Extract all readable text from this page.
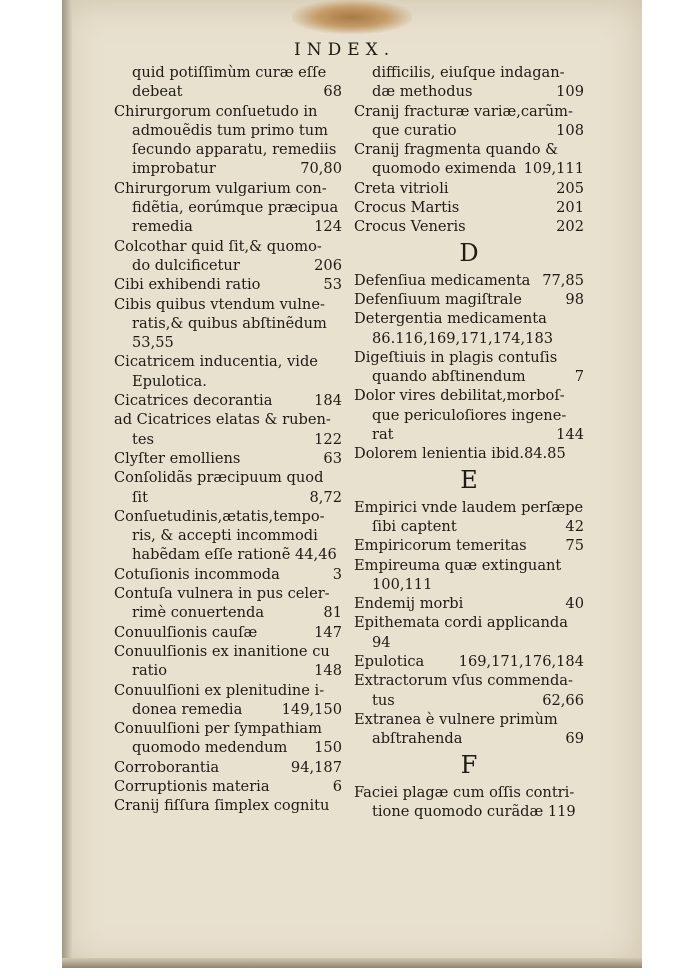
INDEX.
quid potiſſimùm curæ eſſe
debeat	68
Chirurgorum conſuetudo in
admouẽdis tum primo tum
ſecundo apparatu, remediis
improbatur	70,80
Chirurgorum vulgarium con-
fidẽtia, eorúmque præcipua
remedia	124
Colcothar quid ſit,& quomo-
do dulcificetur	206
Cibi exhibendi ratio	53
Cibis quibus vtendum vulne-
ratis,& quibus abſtinẽdum
53,55
Cicatricem inducentia, vide
Epulotica.
Cicatrices decorantia	184
ad Cicatrices elatas & ruben-
tes	122
Clyſter emolliens	63
Conſolidãs præcipuum quod
ſit	8,72
Conſuetudinis,ætatis,tempo-
ris, & accepti incommodi
habẽdam eſſe rationẽ 44,46
Cotuſionis incommoda	3
Contuſa vulnera in pus celer-
rimè conuertenda	81
Conuulſionis cauſæ	147
Conuulſionis ex inanitione cu
ratio	148
Conuulſioni ex plenitudine i-
donea remedia	149,150
Conuulſioni per ſympathiam
quomodo medendum 150
Corroborantia	94,187
Corruptionis materia	6
Cranij fiſſura ſimplex cognitu
difficilis, eiuſque indagan-
dæ methodus	109
Cranij fracturæ variæ,carũm-
que curatio	108
Cranij fragmenta quando &
quomodo eximenda 109,111
Creta vitrioli	205
Crocus Martis	201
Crocus Veneris	202
D
Defenſiua medicamenta 77,85
Defenſiuum magiſtrale	98
Detergentia medicamenta
86.116,169,171,174,183
Digeſtiuis in plagis contuſis
quando abſtinendum	7
Dolor vires debilitat,morboſ-
que periculoſiores ingene-
rat	144
Dolorem lenientia ibid.84.85
E
Empirici vnde laudem perſæpe
ſibi captent	42
Empiricorum temeritas	75
Empireuma quæ extinguant
100,111
Endemij morbi	40
Epithemata cordi applicanda
94
Epulotica 169,171,176,184
Extractorum vſus commenda-
tus	62,66
Extranea è vulnere primùm
abſtrahenda	69
F
Faciei plagæ cum oſſis contri-
tione quomodo curãdæ 119
